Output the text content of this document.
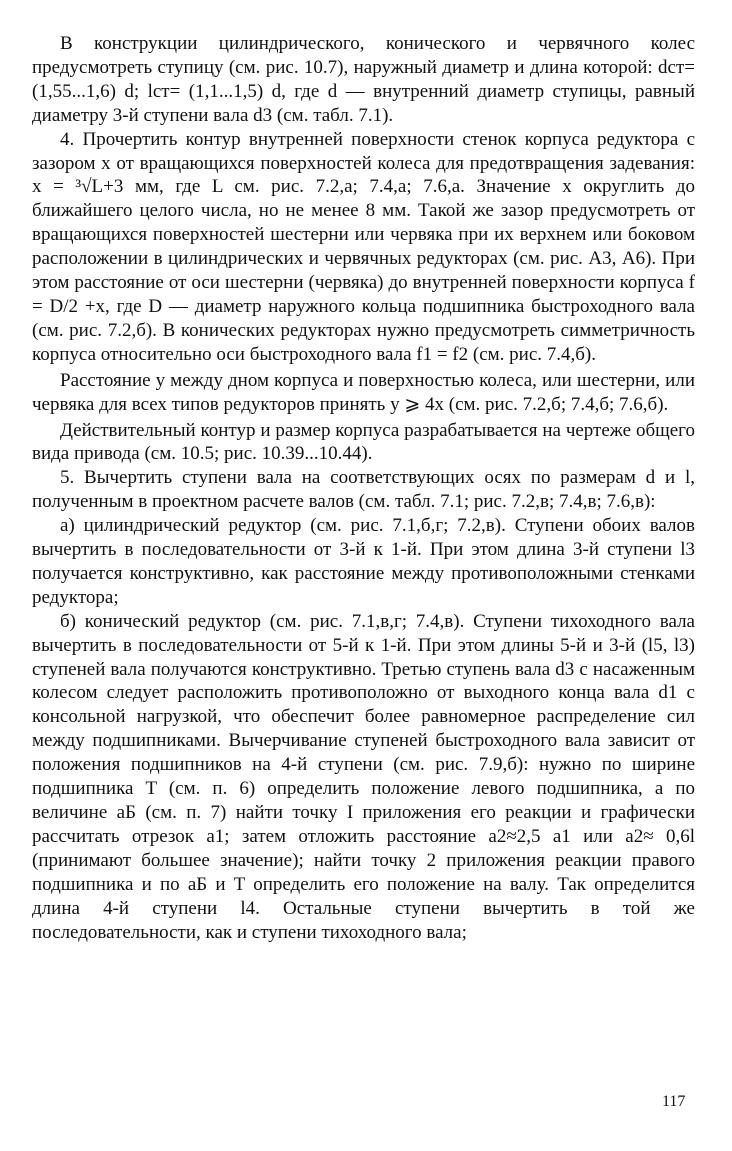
В конструкции цилиндрического, конического и червячного колес предусмотреть ступицу (см. рис. 10.7), наружный диаметр и длина которой: dст= (1,55...1,6) d; lст= (1,1...1,5) d, где d — внутренний диаметр ступицы, равный диаметру 3-й ступени вала d3 (см. табл. 7.1).

4. Прочертить контур внутренней поверхности стенок корпуса редуктора с зазором x от вращающихся поверхностей колеса для предотвращения задевания: x = ³√L+3 мм, где L см. рис. 7.2,а; 7.4,а; 7.6,а. Значение x округлить до ближайшего целого числа, но не менее 8 мм. Такой же зазор предусмотреть от вращающихся поверхностей шестерни или червяка при их верхнем или боковом расположении в цилиндрических и червячных редукторах (см. рис. А3, А6). При этом расстояние от оси шестерни (червяка) до внутренней поверхности корпуса f = D/2 +x, где D — диаметр наружного кольца подшипника быстроходного вала (см. рис. 7.2,б). В конических редукторах нужно предусмотреть симметричность корпуса относительно оси быстроходного вала f1 = f2 (см. рис. 7.4,б).

Расстояние y между дном корпуса и поверхностью колеса, или шестерни, или червяка для всех типов редукторов принять y ⩾ 4x (см. рис. 7.2,б; 7.4,б; 7.6,б).

Действительный контур и размер корпуса разрабатывается на чертеже общего вида привода (см. 10.5; рис. 10.39...10.44).

5. Вычертить ступени вала на соответствующих осях по размерам d и l, полученным в проектном расчете валов (см. табл. 7.1; рис. 7.2,в; 7.4,в; 7.6,в):

а) цилиндрический редуктор (см. рис. 7.1,б,г; 7.2,в). Ступени обоих валов вычертить в последовательности от 3-й к 1-й. При этом длина 3-й ступени l3 получается конструктивно, как расстояние между противоположными стенками редуктора;

б) конический редуктор (см. рис. 7.1,в,г; 7.4,в). Ступени тихоходного вала вычертить в последовательности от 5-й к 1-й. При этом длины 5-й и 3-й (l5, l3) ступеней вала получаются конструктивно. Третью ступень вала d3 с насаженным колесом следует расположить противоположно от выходного конца вала d1 с консольной нагрузкой, что обеспечит более равномерное распределение сил между подшипниками. Вычерчивание ступеней быстроходного вала зависит от положения подшипников на 4-й ступени (см. рис. 7.9,б): нужно по ширине подшипника T (см. п. 6) определить положение левого подшипника, а по величине aБ (см. п. 7) найти точку I приложения его реакции и графически рассчитать отрезок a1; затем отложить расстояние a2≈2,5 a1 или a2≈ 0,6l (принимают большее значение); найти точку 2 приложения реакции правого подшипника и по aБ и T определить его положение на валу. Так определится длина 4-й ступени l4. Остальные ступени вычертить в той же последовательности, как и ступени тихоходного вала;

117
